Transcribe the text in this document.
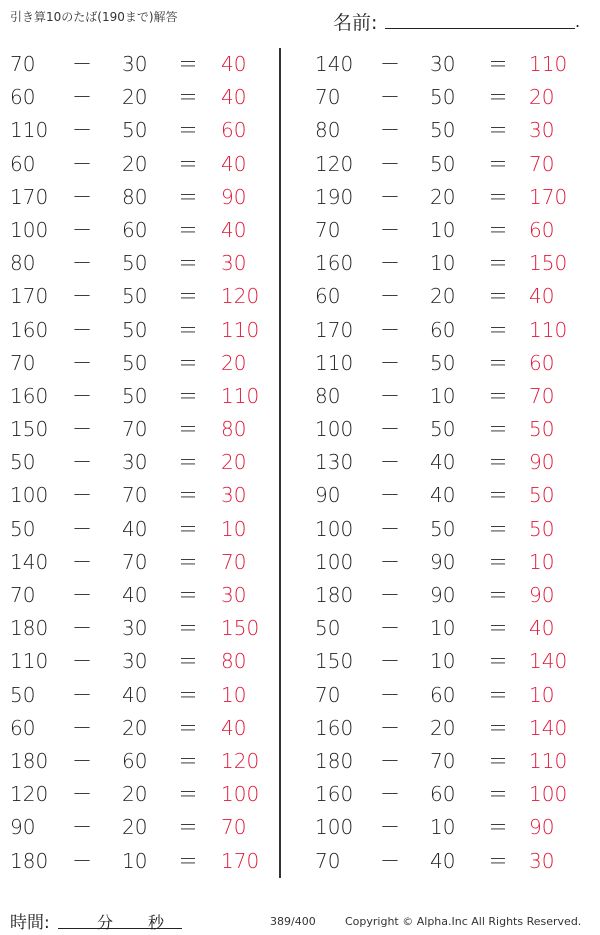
引き算10のたば(190まで)解答	名前:	.
70 － 30 ＝ 40
60 － 20 ＝ 40
110 － 50 ＝ 60
60 － 20 ＝ 40
170 － 80 ＝ 90
100 － 60 ＝ 40
80 － 50 ＝ 30
170 － 50 ＝ 120
160 － 50 ＝ 110
70 － 50 ＝ 20
160 － 50 ＝ 110
150 － 70 ＝ 80
50 － 30 ＝ 20
100 － 70 ＝ 30
50 － 40 ＝ 10
140 － 70 ＝ 70
70 － 40 ＝ 30
180 － 30 ＝ 150
110 － 30 ＝ 80
50 － 40 ＝ 10
60 － 20 ＝ 40
180 － 60 ＝ 120
120 － 20 ＝ 100
90 － 20 ＝ 70
180 － 10 ＝ 170
140 － 30 ＝ 110
70 － 50 ＝ 20
80 － 50 ＝ 30
120 － 50 ＝ 70
190 － 20 ＝ 170
70 － 10 ＝ 60
160 － 10 ＝ 150
60 － 20 ＝ 40
170 － 60 ＝ 110
110 － 50 ＝ 60
80 － 10 ＝ 70
100 － 50 ＝ 50
130 － 40 ＝ 90
90 － 40 ＝ 50
100 － 50 ＝ 50
100 － 90 ＝ 10
180 － 90 ＝ 90
50 － 10 ＝ 40
150 － 10 ＝ 140
70 － 60 ＝ 10
160 － 20 ＝ 140
180 － 70 ＝ 110
160 － 60 ＝ 100
100 － 10 ＝ 90
70 － 40 ＝ 30
時間:	分 秒	389/400	Copyright © Alpha.Inc All Rights Reserved.
